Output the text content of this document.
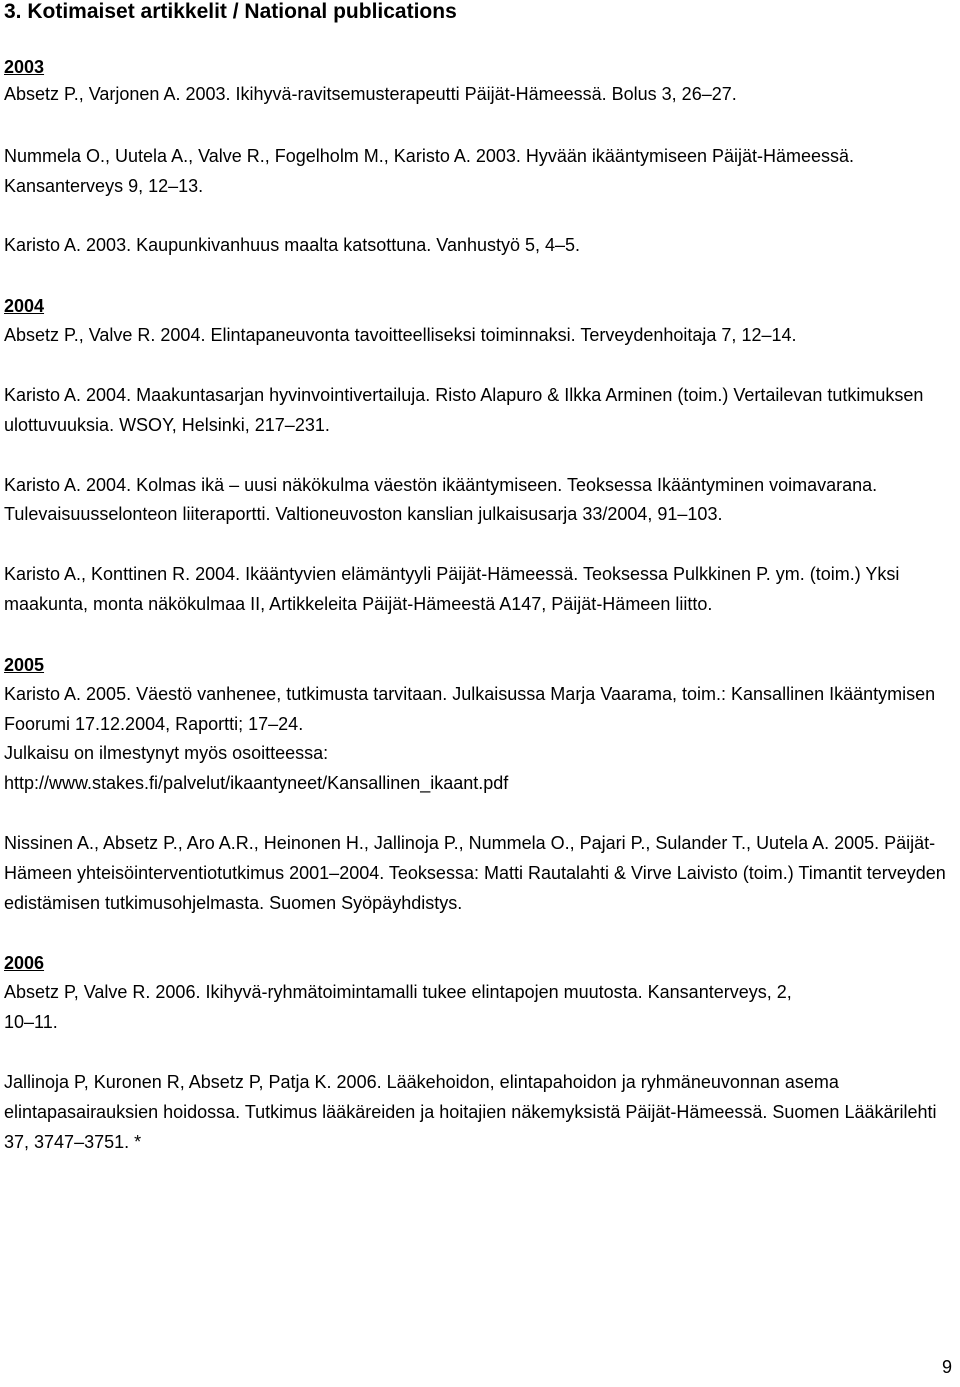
3. Kotimaiset artikkelit / National publications

2003

Absetz P., Varjonen A. 2003. Ikihyvä-ravitsemusterapeutti Päijät-Hämeessä. Bolus 3, 26–27.

Nummela O., Uutela A., Valve R., Fogelholm M., Karisto A. 2003. Hyvään ikääntymiseen Päijät-Hämeessä. Kansanterveys 9, 12–13.

Karisto A. 2003. Kaupunkivanhuus maalta katsottuna. Vanhustyö 5, 4–5.

2004

Absetz P., Valve R. 2004. Elintapaneuvonta tavoitteelliseksi toiminnaksi. Terveydenhoitaja 7, 12–14.

Karisto A. 2004. Maakuntasarjan hyvinvointivertailuja. Risto Alapuro & Ilkka Arminen (toim.) Vertailevan tutkimuksen ulottuvuuksia. WSOY, Helsinki, 217–231.

Karisto A. 2004. Kolmas ikä – uusi näkökulma väestön ikääntymiseen. Teoksessa Ikääntyminen voimavarana. Tulevaisuusselonteon liiteraportti. Valtioneuvoston kanslian julkaisusarja 33/2004, 91–103.

Karisto A., Konttinen R. 2004. Ikääntyvien elämäntyyli Päijät-Hämeessä. Teoksessa Pulkkinen P. ym. (toim.) Yksi maakunta, monta näkökulmaa II, Artikkeleita Päijät-Hämeestä A147, Päijät-Hämeen liitto.

2005

Karisto A. 2005. Väestö vanhenee, tutkimusta tarvitaan. Julkaisussa Marja Vaarama, toim.: Kansallinen Ikääntymisen Foorumi 17.12.2004, Raportti; 17–24.

Julkaisu on ilmestynyt myös osoitteessa:

http://www.stakes.fi/palvelut/ikaantyneet/Kansallinen_ikaant.pdf

Nissinen A., Absetz P., Aro A.R., Heinonen H., Jallinoja P., Nummela O., Pajari P., Sulander T., Uutela A. 2005. Päijät-Hämeen yhteisöinterventiotutkimus 2001–2004. Teoksessa: Matti Rautalahti & Virve Laivisto (toim.) Timantit terveyden edistämisen tutkimusohjelmasta. Suomen Syöpäyhdistys.

2006

Absetz P, Valve R. 2006. Ikihyvä-ryhmätoimintamalli tukee elintapojen muutosta. Kansanterveys, 2, 10–11.

Jallinoja P, Kuronen R, Absetz P, Patja K. 2006. Lääkehoidon, elintapahoidon ja ryhmäneuvonnan asema elintapasairauksien hoidossa. Tutkimus lääkäreiden ja hoitajien näkemyksistä Päijät-Hämeessä. Suomen Lääkärilehti 37, 3747–3751. *

9
